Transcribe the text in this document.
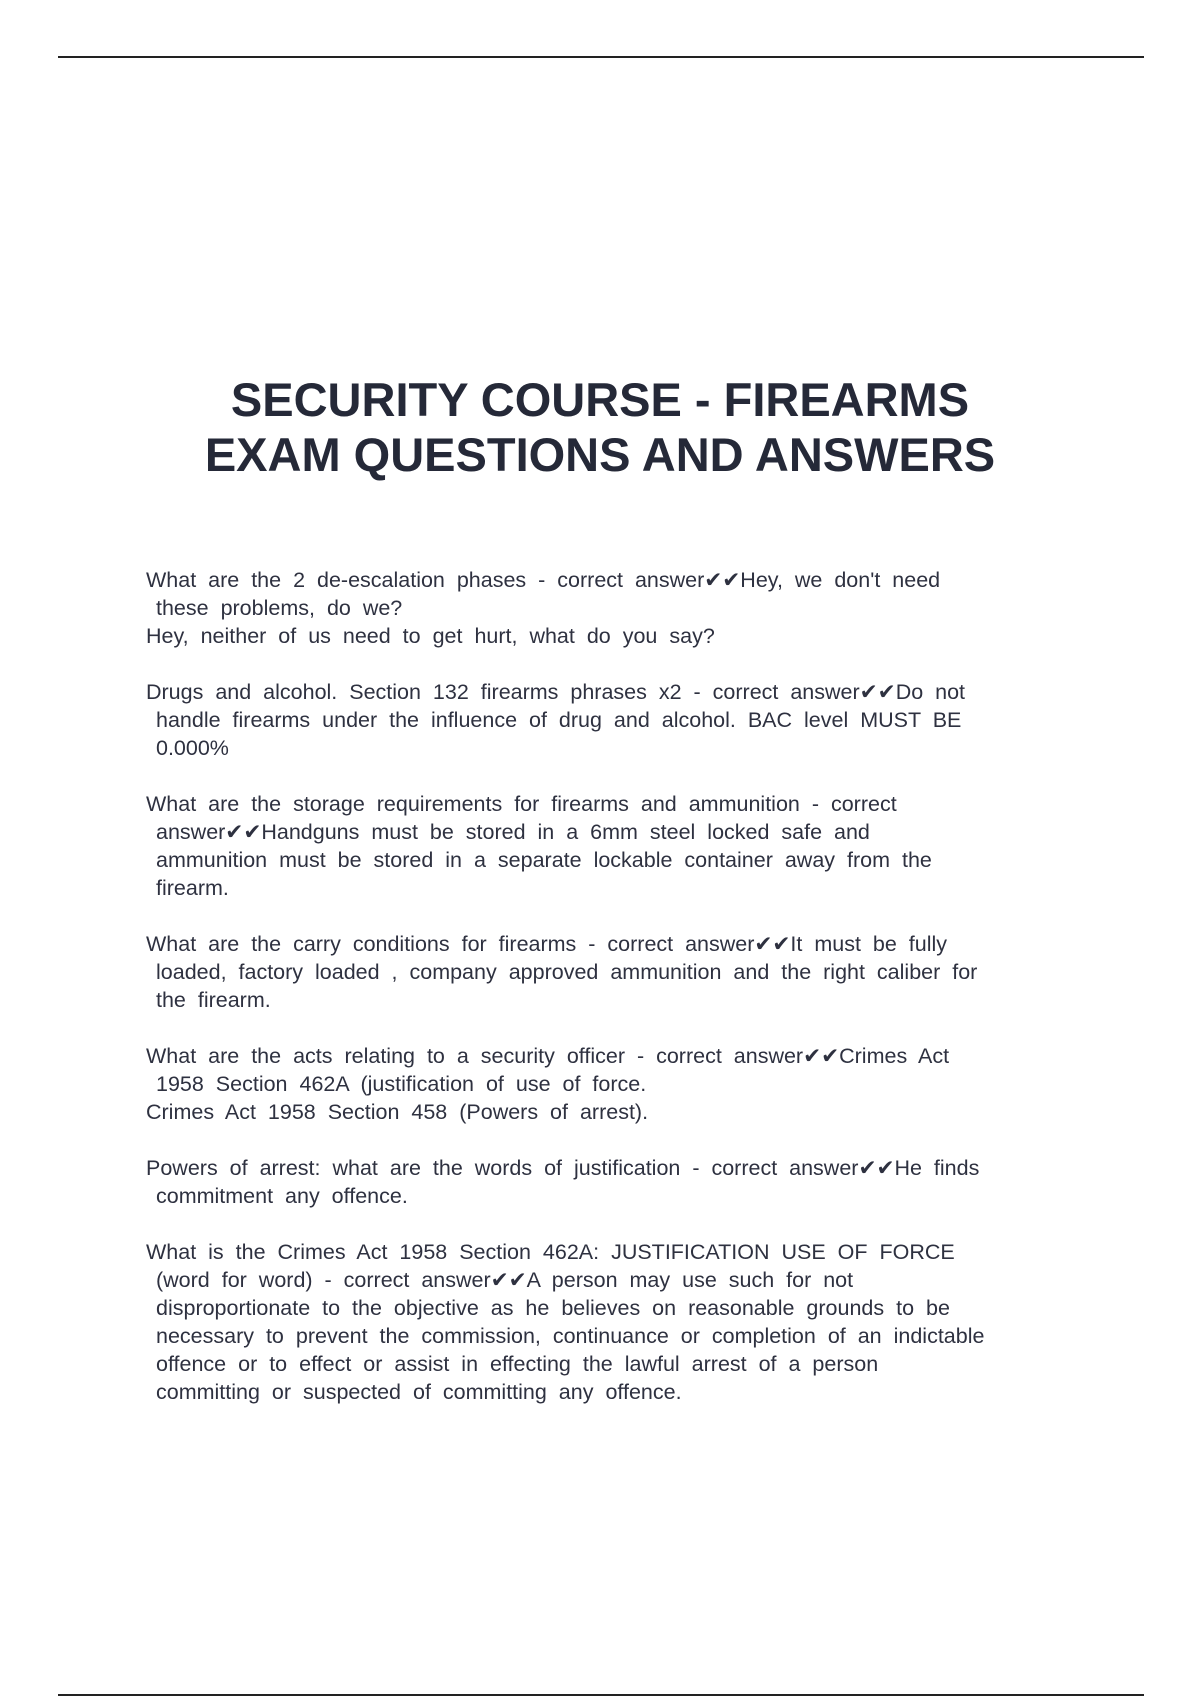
SECURITY COURSE - FIREARMS
EXAM QUESTIONS AND ANSWERS

What are the 2 de-escalation phases - correct answer✔✔Hey, we don't need
these problems, do we?
Hey, neither of us need to get hurt, what do you say?

Drugs and alcohol. Section 132 firearms phrases x2 - correct answer✔✔Do not
handle firearms under the influence of drug and alcohol. BAC level MUST BE
0.000%

What are the storage requirements for firearms and ammunition - correct
answer✔✔Handguns must be stored in a 6mm steel locked safe and
ammunition must be stored in a separate lockable container away from the
firearm.

What are the carry conditions for firearms - correct answer✔✔It must be fully
loaded, factory loaded , company approved ammunition and the right caliber for
the firearm.

What are the acts relating to a security officer - correct answer✔✔Crimes Act
1958 Section 462A (justification of use of force.
Crimes Act 1958 Section 458 (Powers of arrest).

Powers of arrest: what are the words of justification - correct answer✔✔He finds
commitment any offence.

What is the Crimes Act 1958 Section 462A: JUSTIFICATION USE OF FORCE
(word for word) - correct answer✔✔A person may use such for not
disproportionate to the objective as he believes on reasonable grounds to be
necessary to prevent the commission, continuance or completion of an indictable
offence or to effect or assist in effecting the lawful arrest of a person
committing or suspected of committing any offence.
